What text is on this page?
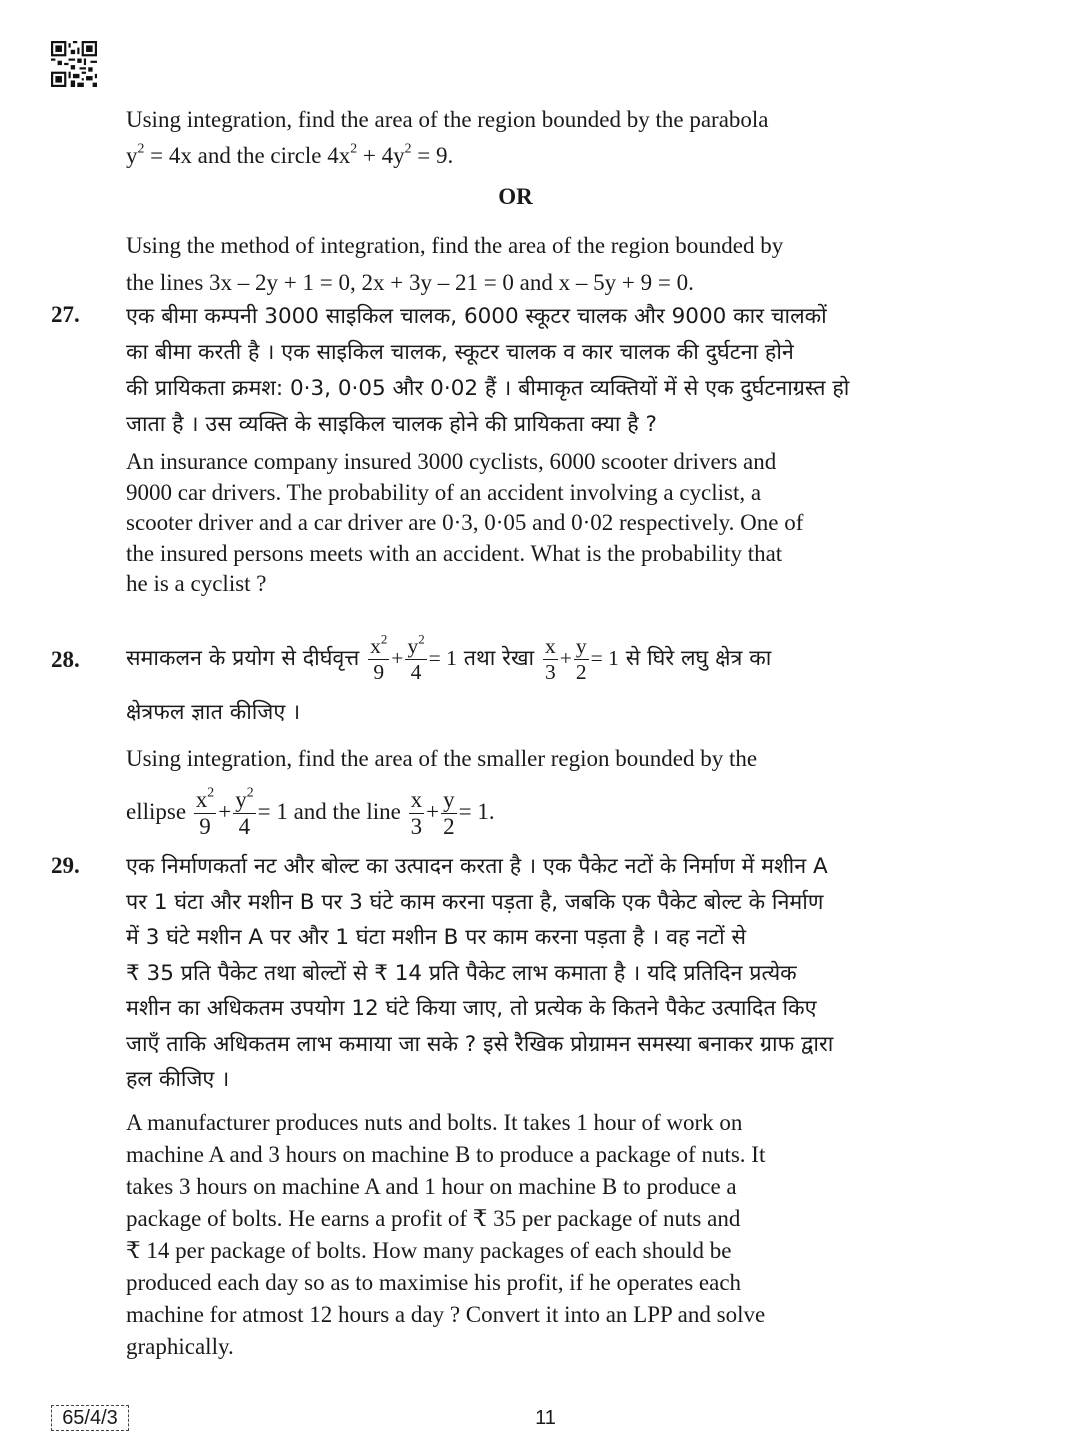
Using integration, find the area of the region bounded by the parabola
$y^2 = 4x$ and the circle $4x^2 + 4y^2 = 9$.
OR
Using the method of integration, find the area of the region bounded by
the lines 3x – 2y + 1 = 0, 2x + 3y – 21 = 0 and x – 5y + 9 = 0.
27. एक बीमा कम्पनी 3000 साइकिल चालक, 6000 स्कूटर चालक और 9000 कार चालकों
का बीमा करती है । एक साइकिल चालक, स्कूटर चालक व कार चालक की दुर्घटना होने
की प्रायिकता क्रमश: 0·3, 0·05 और 0·02 हैं । बीमाकृत व्यक्तियों में से एक दुर्घटनाग्रस्त हो
जाता है । उस व्यक्ति के साइकिल चालक होने की प्रायिकता क्या है ?
An insurance company insured 3000 cyclists, 6000 scooter drivers and
9000 car drivers. The probability of an accident involving a cyclist, a
scooter driver and a car driver are 0·3, 0·05 and 0·02 respectively. One of
the insured persons meets with an accident. What is the probability that
he is a cyclist ?
28. समाकलन के प्रयोग से दीर्घवृत्त $\frac{x^2}{9} + \frac{y^2}{4} = 1$ तथा रेखा $\frac{x}{3} + \frac{y}{2} = 1$ से घिरे लघु क्षेत्र का
क्षेत्रफल ज्ञात कीजिए ।
Using integration, find the area of the smaller region bounded by the
ellipse $\frac{x^2}{9} + \frac{y^2}{4} = 1$ and the line $\frac{x}{3} + \frac{y}{2} = 1$.
29. एक निर्माणकर्ता नट और बोल्ट का उत्पादन करता है । एक पैकेट नटों के निर्माण में मशीन A
पर 1 घंटा और मशीन B पर 3 घंटे काम करना पड़ता है, जबकि एक पैकेट बोल्ट के निर्माण
में 3 घंटे मशीन A पर और 1 घंटा मशीन B पर काम करना पड़ता है । वह नटों से
₹ 35 प्रति पैकेट तथा बोल्टों से ₹ 14 प्रति पैकेट लाभ कमाता है । यदि प्रतिदिन प्रत्येक
मशीन का अधिकतम उपयोग 12 घंटे किया जाए, तो प्रत्येक के कितने पैकेट उत्पादित किए
जाएँ ताकि अधिकतम लाभ कमाया जा सके ? इसे रैखिक प्रोग्रामन समस्या बनाकर ग्राफ द्वारा
हल कीजिए ।
A manufacturer produces nuts and bolts. It takes 1 hour of work on
machine A and 3 hours on machine B to produce a package of nuts. It
takes 3 hours on machine A and 1 hour on machine B to produce a
package of bolts. He earns a profit of ₹ 35 per package of nuts and
₹ 14 per package of bolts. How many packages of each should be
produced each day so as to maximise his profit, if he operates each
machine for atmost 12 hours a day ? Convert it into an LPP and solve
graphically.
65/4/3	11
